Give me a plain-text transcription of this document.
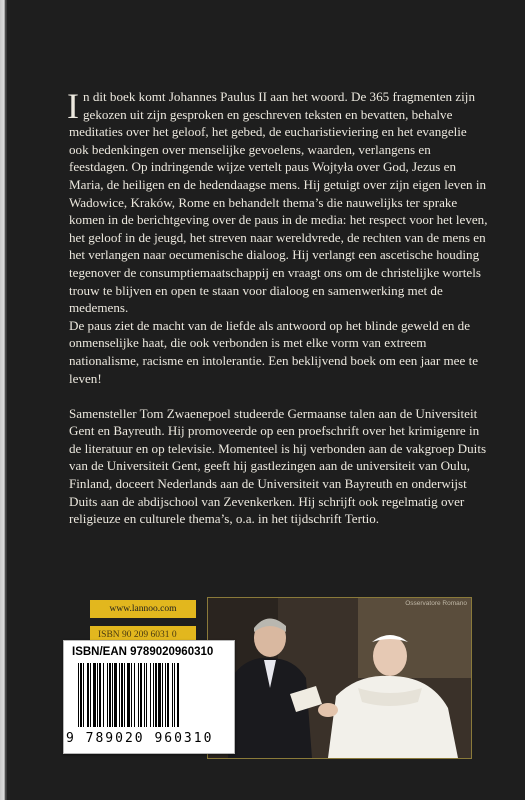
In dit boek komt Johannes Paulus II aan het woord. De 365 fragmenten zijn gekozen uit zijn gesproken en geschreven teksten en bevatten, behalve meditaties over het geloof, het gebed, de eucharistieviering en het evangelie ook bedenkingen over menselijke gevoelens, waarden, verlangens en feestdagen. Op indringende wijze vertelt paus Wojtyła over God, Jezus en Maria, de heiligen en de hedendaagse mens. Hij getuigt over zijn eigen leven in Wadowice, Kraków, Rome en behandelt thema’s die nauwelijks ter sprake komen in de berichtgeving over de paus in de media: het respect voor het leven, het geloof in de jeugd, het streven naar wereldvrede, de rechten van de mens en het verlangen naar oecumenische dialoog. Hij verlangt een ascetische houding tegenover de consumptiemaatschappij en vraagt ons om de christelijke wortels trouw te blijven en open te staan voor dialoog en samenwerking met de medemens.

De paus ziet de macht van de liefde als antwoord op het blinde geweld en de onmenselijke haat, die ook verbonden is met elke vorm van extreem nationalisme, racisme en intolerantie. Een beklijvend boek om een jaar mee te leven!

Samensteller Tom Zwaenepoel studeerde Germaanse talen aan de Universiteit Gent en Bayreuth. Hij promoveerde op een proefschrift over het krimigenre in de literatuur en op televisie. Momenteel is hij verbonden aan de vakgroep Duits van de Universiteit Gent, geeft hij gastlezingen aan de universiteit van Oulu, Finland, doceert Nederlands aan de Universiteit van Bayreuth en onderwijst Duits aan de abdijschool van Zevenkerken. Hij schrijft ook regelmatig over religieuze en culturele thema’s, o.a. in het tijdschrift Tertio.

www.lannoo.com
ISBN 90 209 6031 0
Osservatore Romano
ISBN/EAN 9789020960310
9 789020 960310
